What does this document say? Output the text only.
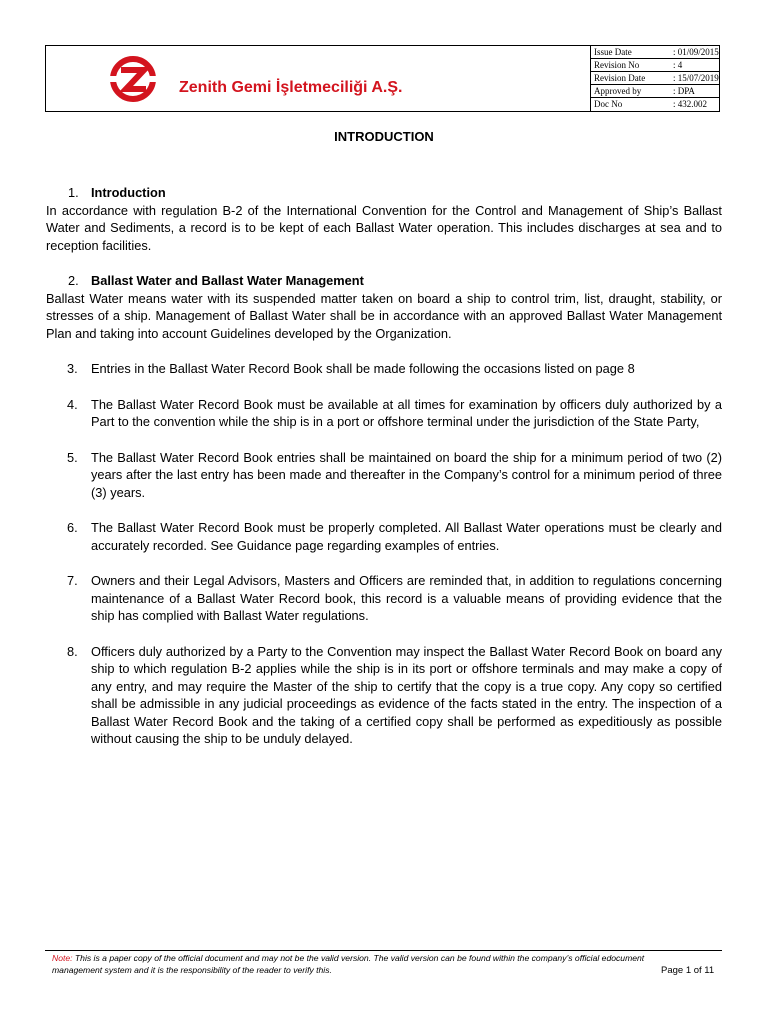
Zenith Gemi İşletmeciliği A.Ş.
Issue Date	: 01/09/2015
Revision No	: 4
Revision Date	: 15/07/2019
Approved by	: DPA
Doc No	: 432.002
INTRODUCTION
1. Introduction

In accordance with regulation B-2 of the International Convention for the Control and Management of Ship’s Ballast Water and Sediments, a record is to be kept of each Ballast Water operation. This includes discharges at sea and to reception facilities.

2. Ballast Water and Ballast Water Management

Ballast Water means water with its suspended matter taken on board a ship to control trim, list, draught, stability, or stresses of a ship. Management of Ballast Water shall be in accordance with an approved Ballast Water Management Plan and taking into account Guidelines developed by the Organization.

3. Entries in the Ballast Water Record Book shall be made following the occasions listed on page 8
4. The Ballast Water Record Book must be available at all times for examination by officers duly authorized by a Part to the convention while the ship is in a port or offshore terminal under the jurisdiction of the State Party,
5. The Ballast Water Record Book entries shall be maintained on board the ship for a minimum period of two (2) years after the last entry has been made and thereafter in the Company’s control for a minimum period of three (3) years.
6. The Ballast Water Record Book must be properly completed. All Ballast Water operations must be clearly and accurately recorded. See Guidance page regarding examples of entries.
7. Owners and their Legal Advisors, Masters and Officers are reminded that, in addition to regulations concerning maintenance of a Ballast Water Record book, this record is a valuable means of providing evidence that the ship has complied with Ballast Water regulations.
8. Officers duly authorized by a Party to the Convention may inspect the Ballast Water Record Book on board any ship to which regulation B-2 applies while the ship is in its port or offshore terminals and may make a copy of any entry, and may require the Master of the ship to certify that the copy is a true copy. Any copy so certified shall be admissible in any judicial proceedings as evidence of the facts stated in the entry. The inspection of a Ballast Water Record Book and the taking of a certified copy shall be performed as expeditiously as possible without causing the ship to be unduly delayed.
Note: This is a paper copy of the official document and may not be the valid version. The valid version can be found within the company’s official edocument management system and it is the responsibility of the reader to verify this.	Page 1 of 11
